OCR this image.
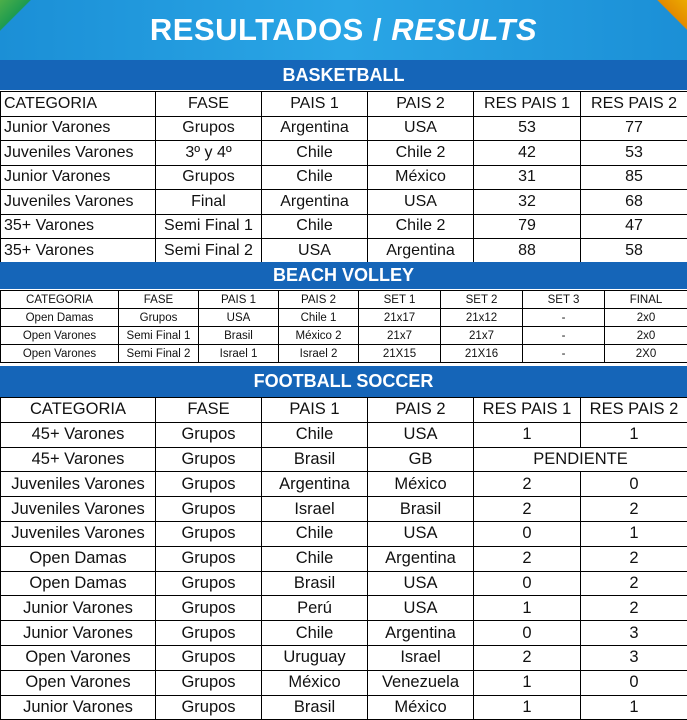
RESULTADOS / RESULTS
BASKETBALL
CATEGORIA	FASE	PAIS 1	PAIS 2	RES PAIS 1	RES PAIS 2
Junior Varones	Grupos	Argentina	USA	53	77
Juveniles Varones	3º y 4º	Chile	Chile 2	42	53
Junior Varones	Grupos	Chile	México	31	85
Juveniles Varones	Final	Argentina	USA	32	68
35+ Varones	Semi Final 1	Chile	Chile 2	79	47
35+ Varones	Semi Final 2	USA	Argentina	88	58
BEACH VOLLEY
CATEGORIA	FASE	PAIS 1	PAIS 2	SET 1	SET 2	SET 3	FINAL
Open Damas	Grupos	USA	Chile 1	21x17	21x12	-	2x0
Open Varones	Semi Final 1	Brasil	México 2	21x7	21x7	-	2x0
Open Varones	Semi Final 2	Israel 1	Israel 2	21X15	21X16	-	2X0
FOOTBALL SOCCER
CATEGORIA	FASE	PAIS 1	PAIS 2	RES PAIS 1	RES PAIS 2
45+ Varones	Grupos	Chile	USA	1	1
45+ Varones	Grupos	Brasil	GB	PENDIENTE	
Juveniles Varones	Grupos	Argentina	México	2	0
Juveniles Varones	Grupos	Israel	Brasil	2	2
Juveniles Varones	Grupos	Chile	USA	0	1
Open Damas	Grupos	Chile	Argentina	2	2
Open Damas	Grupos	Brasil	USA	0	2
Junior Varones	Grupos	Perú	USA	1	2
Junior Varones	Grupos	Chile	Argentina	0	3
Open Varones	Grupos	Uruguay	Israel	2	3
Open Varones	Grupos	México	Venezuela	1	0
Junior Varones	Grupos	Brasil	México	1	1
